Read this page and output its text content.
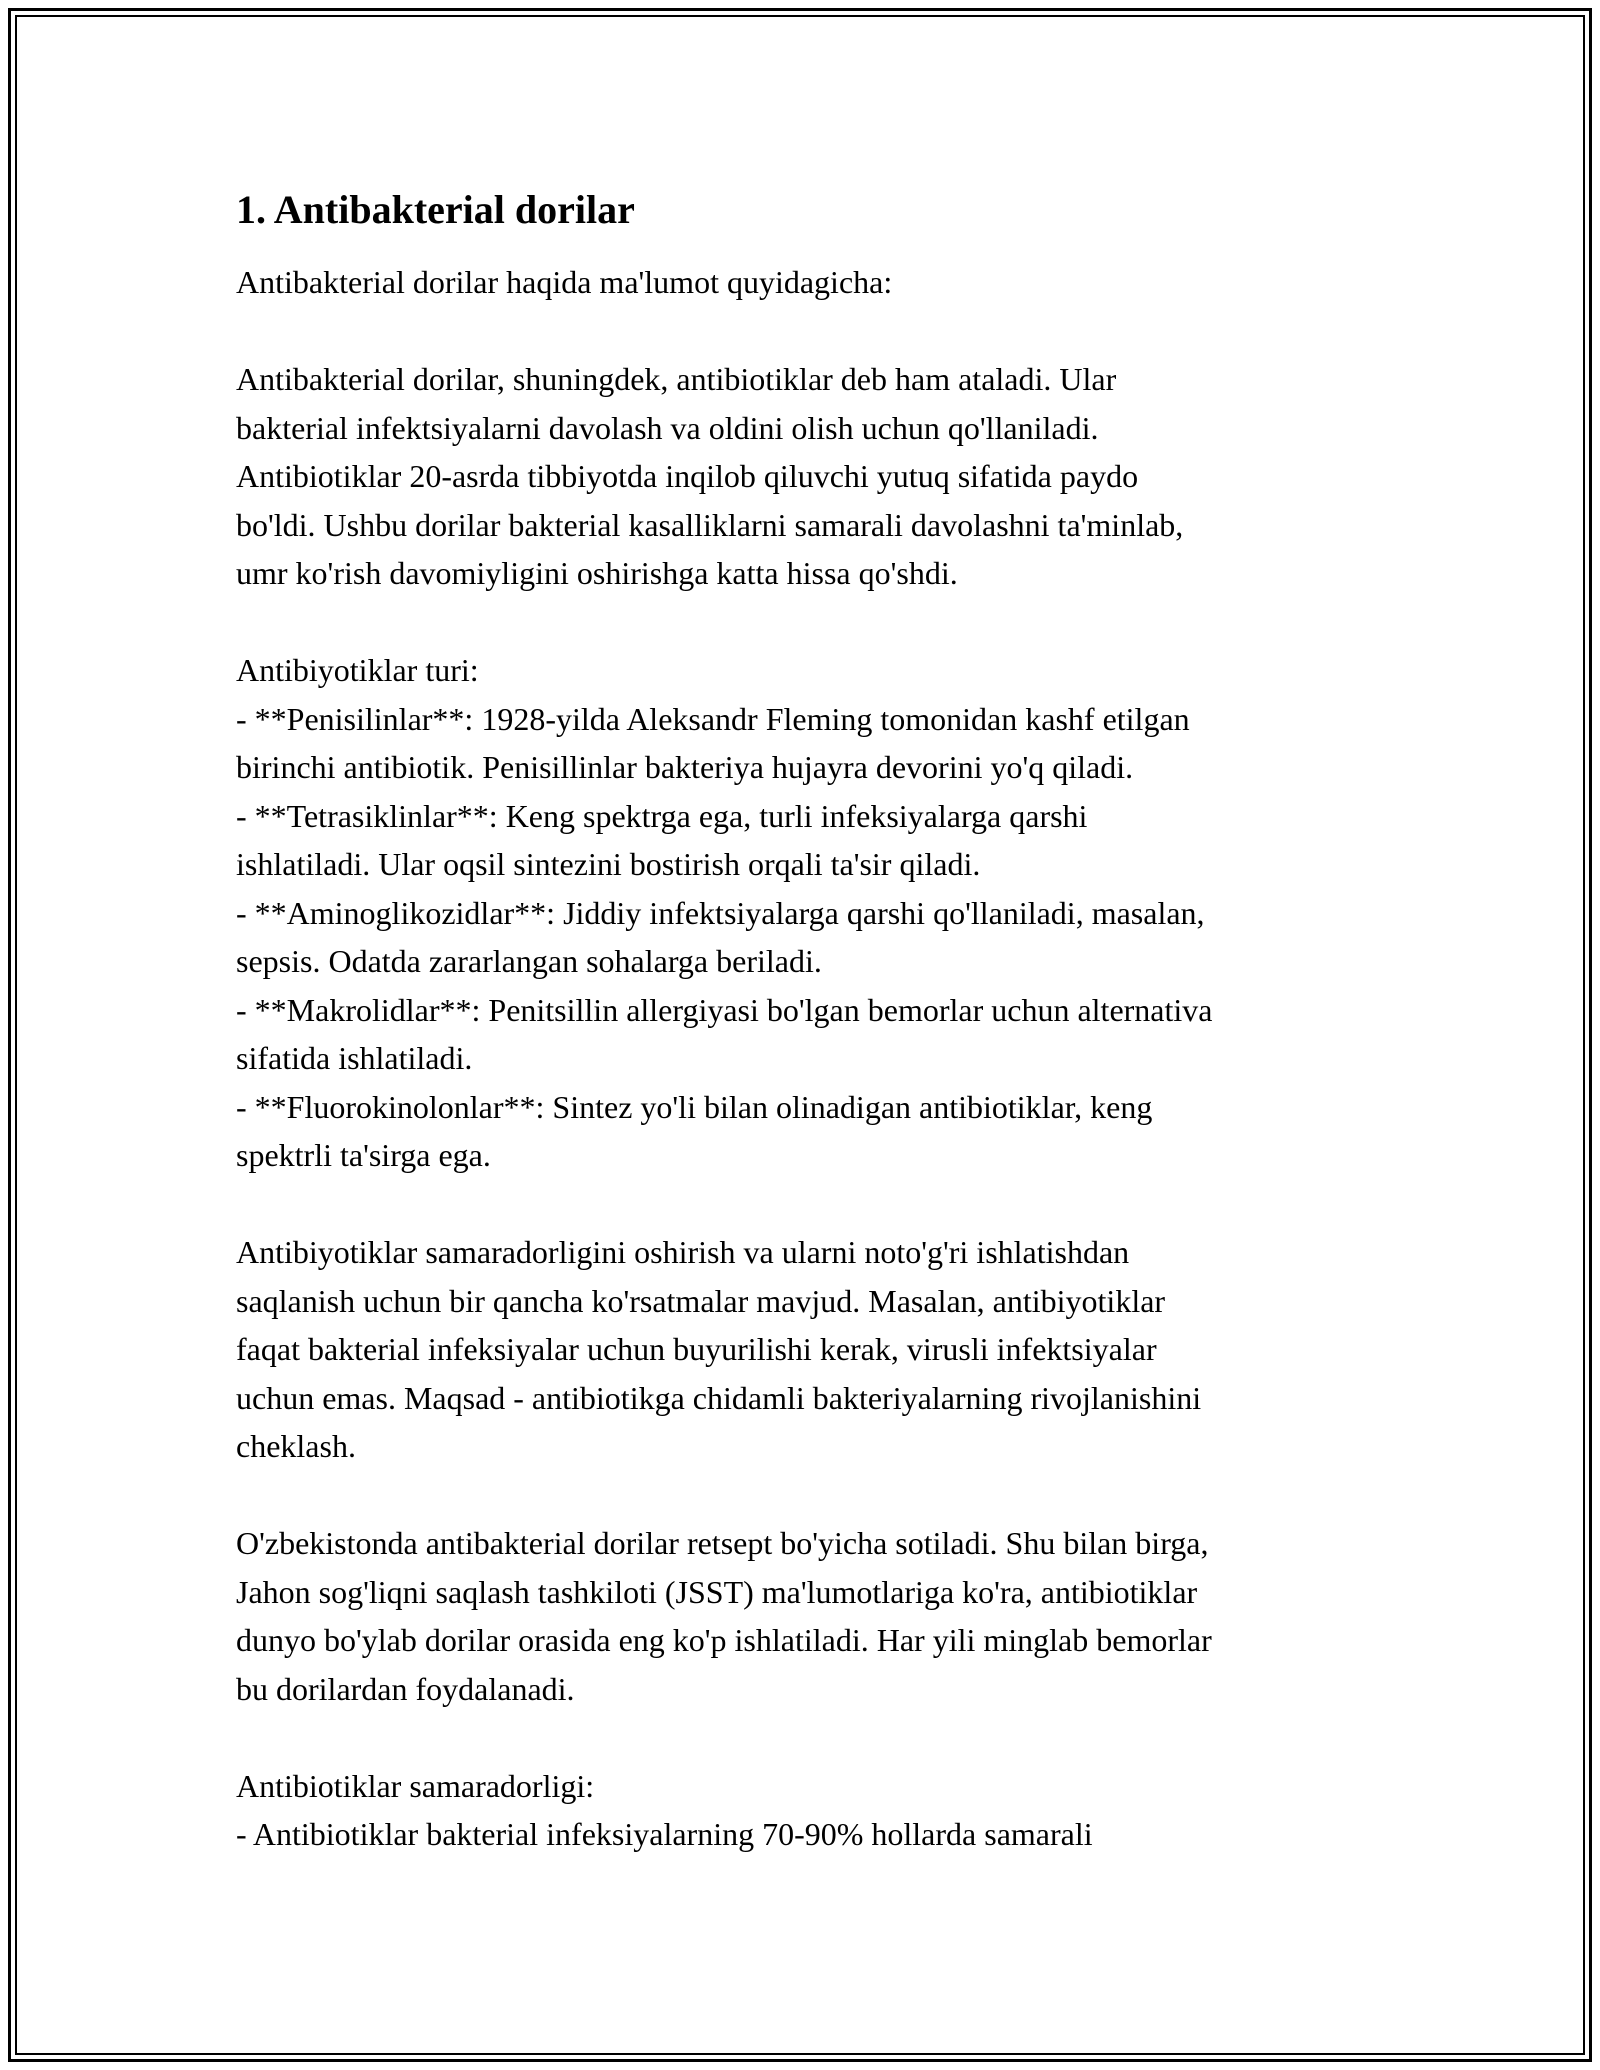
1. Antibakterial dorilar

Antibakterial dorilar haqida ma'lumot quyidagicha:

Antibakterial dorilar, shuningdek, antibiotiklar deb ham ataladi. Ular

bakterial infektsiyalarni davolash va oldini olish uchun qo'llaniladi.

Antibiotiklar 20-asrda tibbiyotda inqilob qiluvchi yutuq sifatida paydo

bo'ldi. Ushbu dorilar bakterial kasalliklarni samarali davolashni ta'minlab,

umr ko'rish davomiyligini oshirishga katta hissa qo'shdi.

Antibiyotiklar turi:

- **Penisilinlar**: 1928-yilda Aleksandr Fleming tomonidan kashf etilgan

birinchi antibiotik. Penisillinlar bakteriya hujayra devorini yo'q qiladi.

- **Tetrasiklinlar**: Keng spektrga ega, turli infeksiyalarga qarshi

ishlatiladi. Ular oqsil sintezini bostirish orqali ta'sir qiladi.

- **Aminoglikozidlar**: Jiddiy infektsiyalarga qarshi qo'llaniladi, masalan,

sepsis. Odatda zararlangan sohalarga beriladi.

- **Makrolidlar**: Penitsillin allergiyasi bo'lgan bemorlar uchun alternativa

sifatida ishlatiladi.

- **Fluorokinolonlar**: Sintez yo'li bilan olinadigan antibiotiklar, keng

spektrli ta'sirga ega.

Antibiyotiklar samaradorligini oshirish va ularni noto'g'ri ishlatishdan

saqlanish uchun bir qancha ko'rsatmalar mavjud. Masalan, antibiyotiklar

faqat bakterial infeksiyalar uchun buyurilishi kerak, virusli infektsiyalar

uchun emas. Maqsad - antibiotikga chidamli bakteriyalarning rivojlanishini

cheklash.

O'zbekistonda antibakterial dorilar retsept bo'yicha sotiladi. Shu bilan birga,

Jahon sog'liqni saqlash tashkiloti (JSST) ma'lumotlariga ko'ra, antibiotiklar

dunyo bo'ylab dorilar orasida eng ko'p ishlatiladi. Har yili minglab bemorlar

bu dorilardan foydalanadi.

Antibiotiklar samaradorligi:

- Antibiotiklar bakterial infeksiyalarning 70-90% hollarda samarali
